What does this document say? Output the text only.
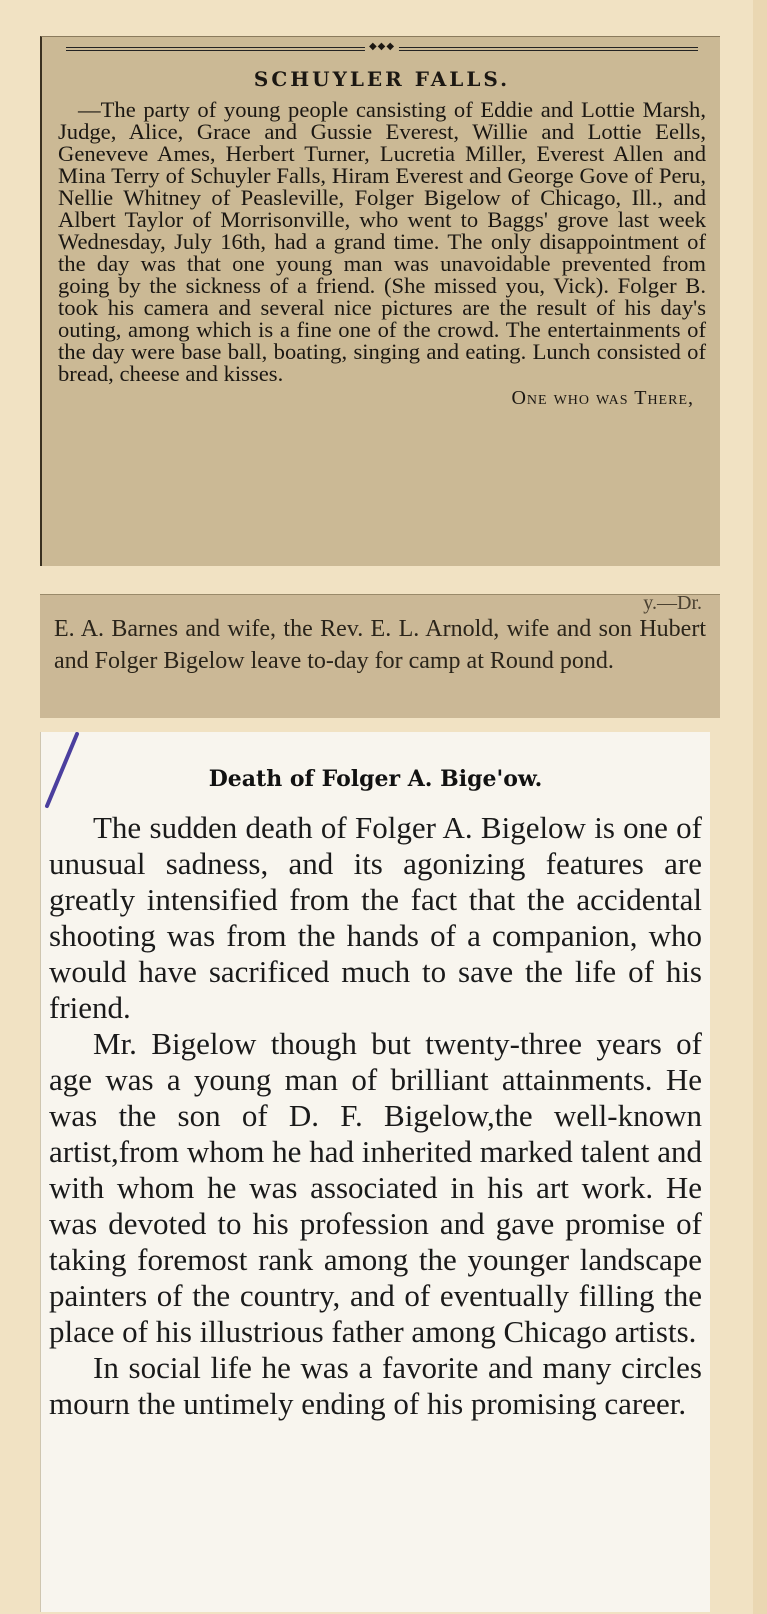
◆◆◆
SCHUYLER FALLS.

—The party of young people cansisting of Eddie and Lottie Marsh, Judge, Alice, Grace and Gussie Everest, Willie and Lottie Eells, Geneveve Ames, Herbert Turner, Lucretia Miller, Everest Allen and Mina Terry of Schuyler Falls, Hiram Everest and George Gove of Peru, Nellie Whitney of Peasleville, Folger Bigelow of Chicago, Ill., and Albert Taylor of Morrisonville, who went to Baggs' grove last week Wednesday, July 16th, had a grand time. The only disappointment of the day was that one young man was unavoidable prevented from going by the sickness of a friend. (She missed you, Vick). Folger B. took his camera and several nice pictures are the result of his day's outing, among which is a fine one of the crowd. The entertainments of the day were base ball, boating, singing and eating. Lunch consisted of bread, cheese and kisses.

One who was There,
y.—Dr.

E. A. Barnes and wife, the Rev. E. L. Arnold, wife and son Hubert and Folger Bigelow leave to-day for camp at Round pond.

Death of Folger A. Bige'ow.

The sudden death of Folger A. Bigelow is one of unusual sadness, and its agonizing features are greatly intensified from the fact that the accidental shooting was from the hands of a companion, who would have sacrificed much to save the life of his friend.

Mr. Bigelow though but twenty-three years of age was a young man of brilliant attainments. He was the son of D. F. Bigelow,the well-known artist,from whom he had inherited marked talent and with whom he was associated in his art work. He was devoted to his profession and gave promise of taking foremost rank among the younger landscape painters of the country, and of eventually filling the place of his illustrious father among Chicago artists.

In social life he was a favorite and many circles mourn the untimely ending of his promising career.
